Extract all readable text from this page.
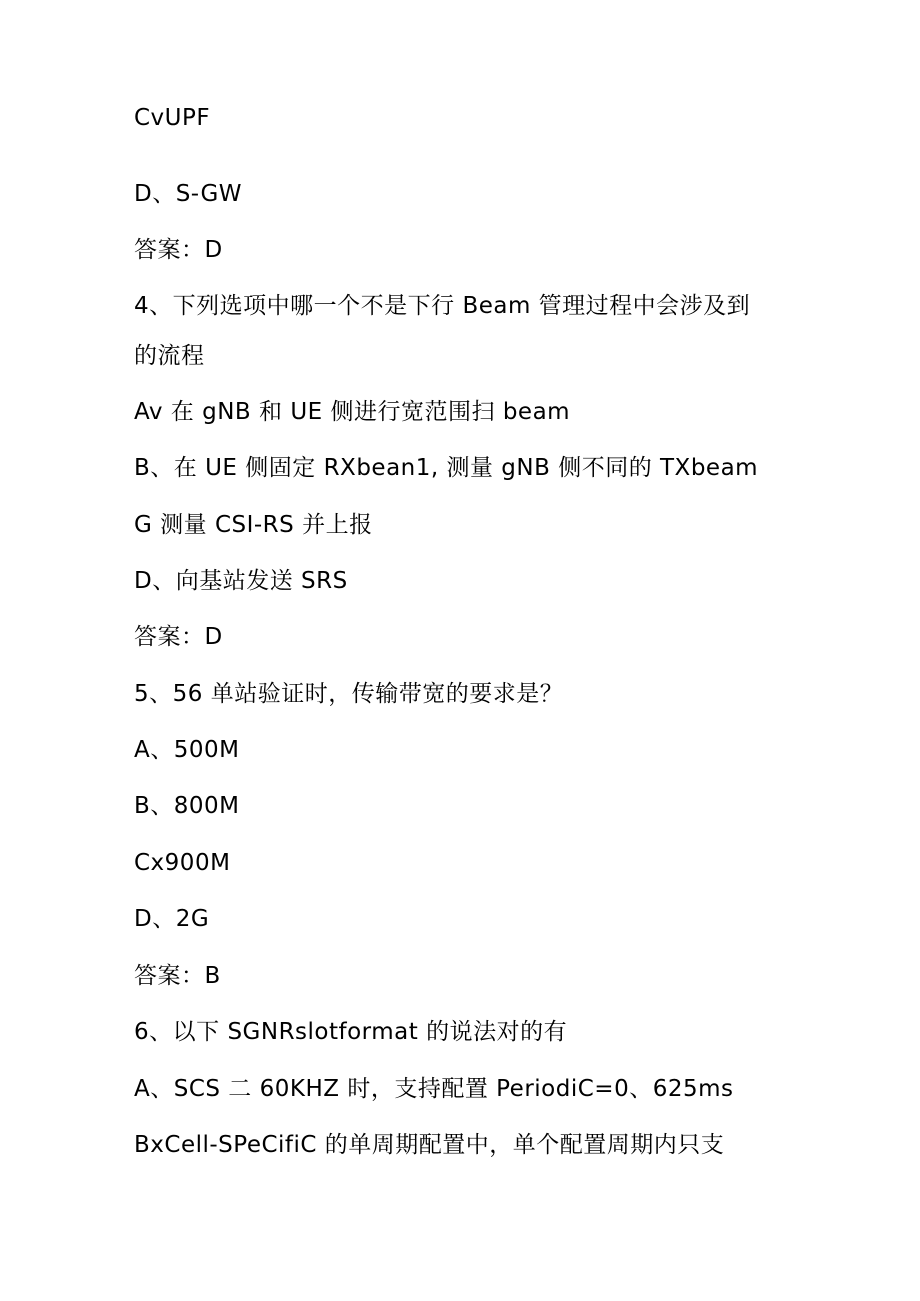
CvUPF
D、S-GW
答案：D
4、下列选项中哪一个不是下行 Beam 管理过程中会涉及到
的流程
Av 在 gNB 和 UE 侧进行宽范围扫 beam
B、在 UE 侧固定 RXbean1, 测量 gNB 侧不同的 TXbeam
G 测量 CSI-RS 并上报
D、向基站发送 SRS
答案：D
5、56 单站验证时，传输带宽的要求是？
A、500M
B、800M
Cx900M
D、2G
答案：B
6、以下 SGNRslotformat 的说法对的有
A、SCS 二 60KHZ 时，支持配置 PeriodiC=0、625ms
BxCell-SPeCifiC 的单周期配置中，单个配置周期内只支
